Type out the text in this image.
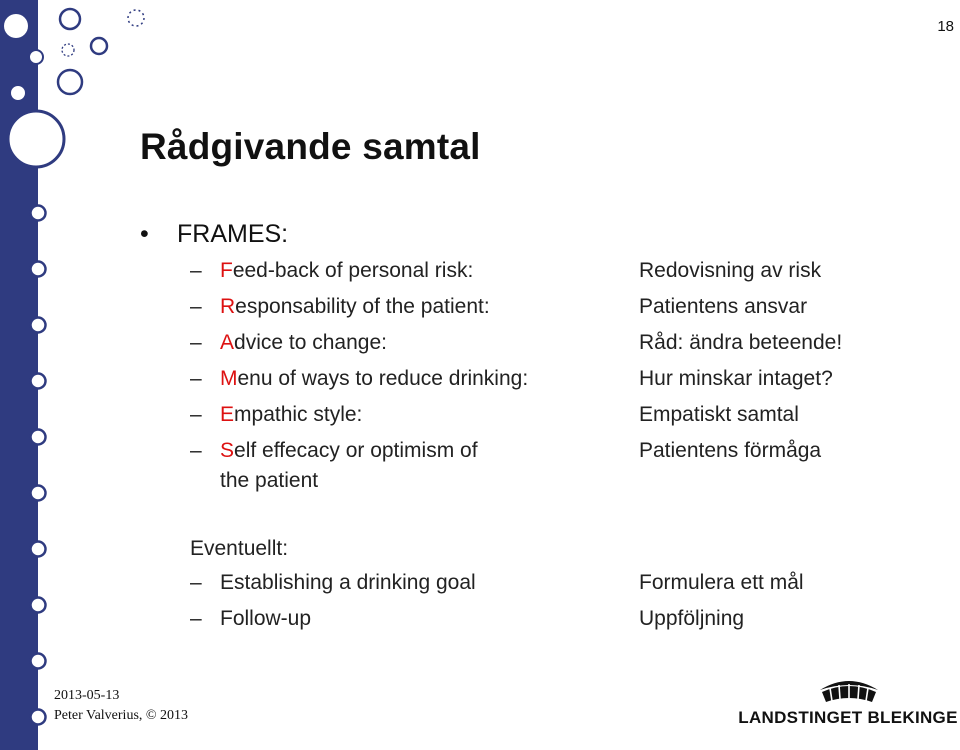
18
Rådgivande samtal
• FRAMES:
– Feed-back of personal risk:	Redovisning av risk
– Responsability of the patient:	Patientens ansvar
– Advice to change:	Råd: ändra beteende!
– Menu of ways to reduce drinking:	Hur minskar intaget?
– Empathic style:	Empatiskt samtal
– Self effecacy or optimism of	Patientens förmåga
the patient
Eventuellt:
– Establishing a drinking goal	Formulera ett mål
– Follow-up	Uppföljning
2013-05-13
Peter Valverius, © 2013	LANDSTINGET BLEKINGE
